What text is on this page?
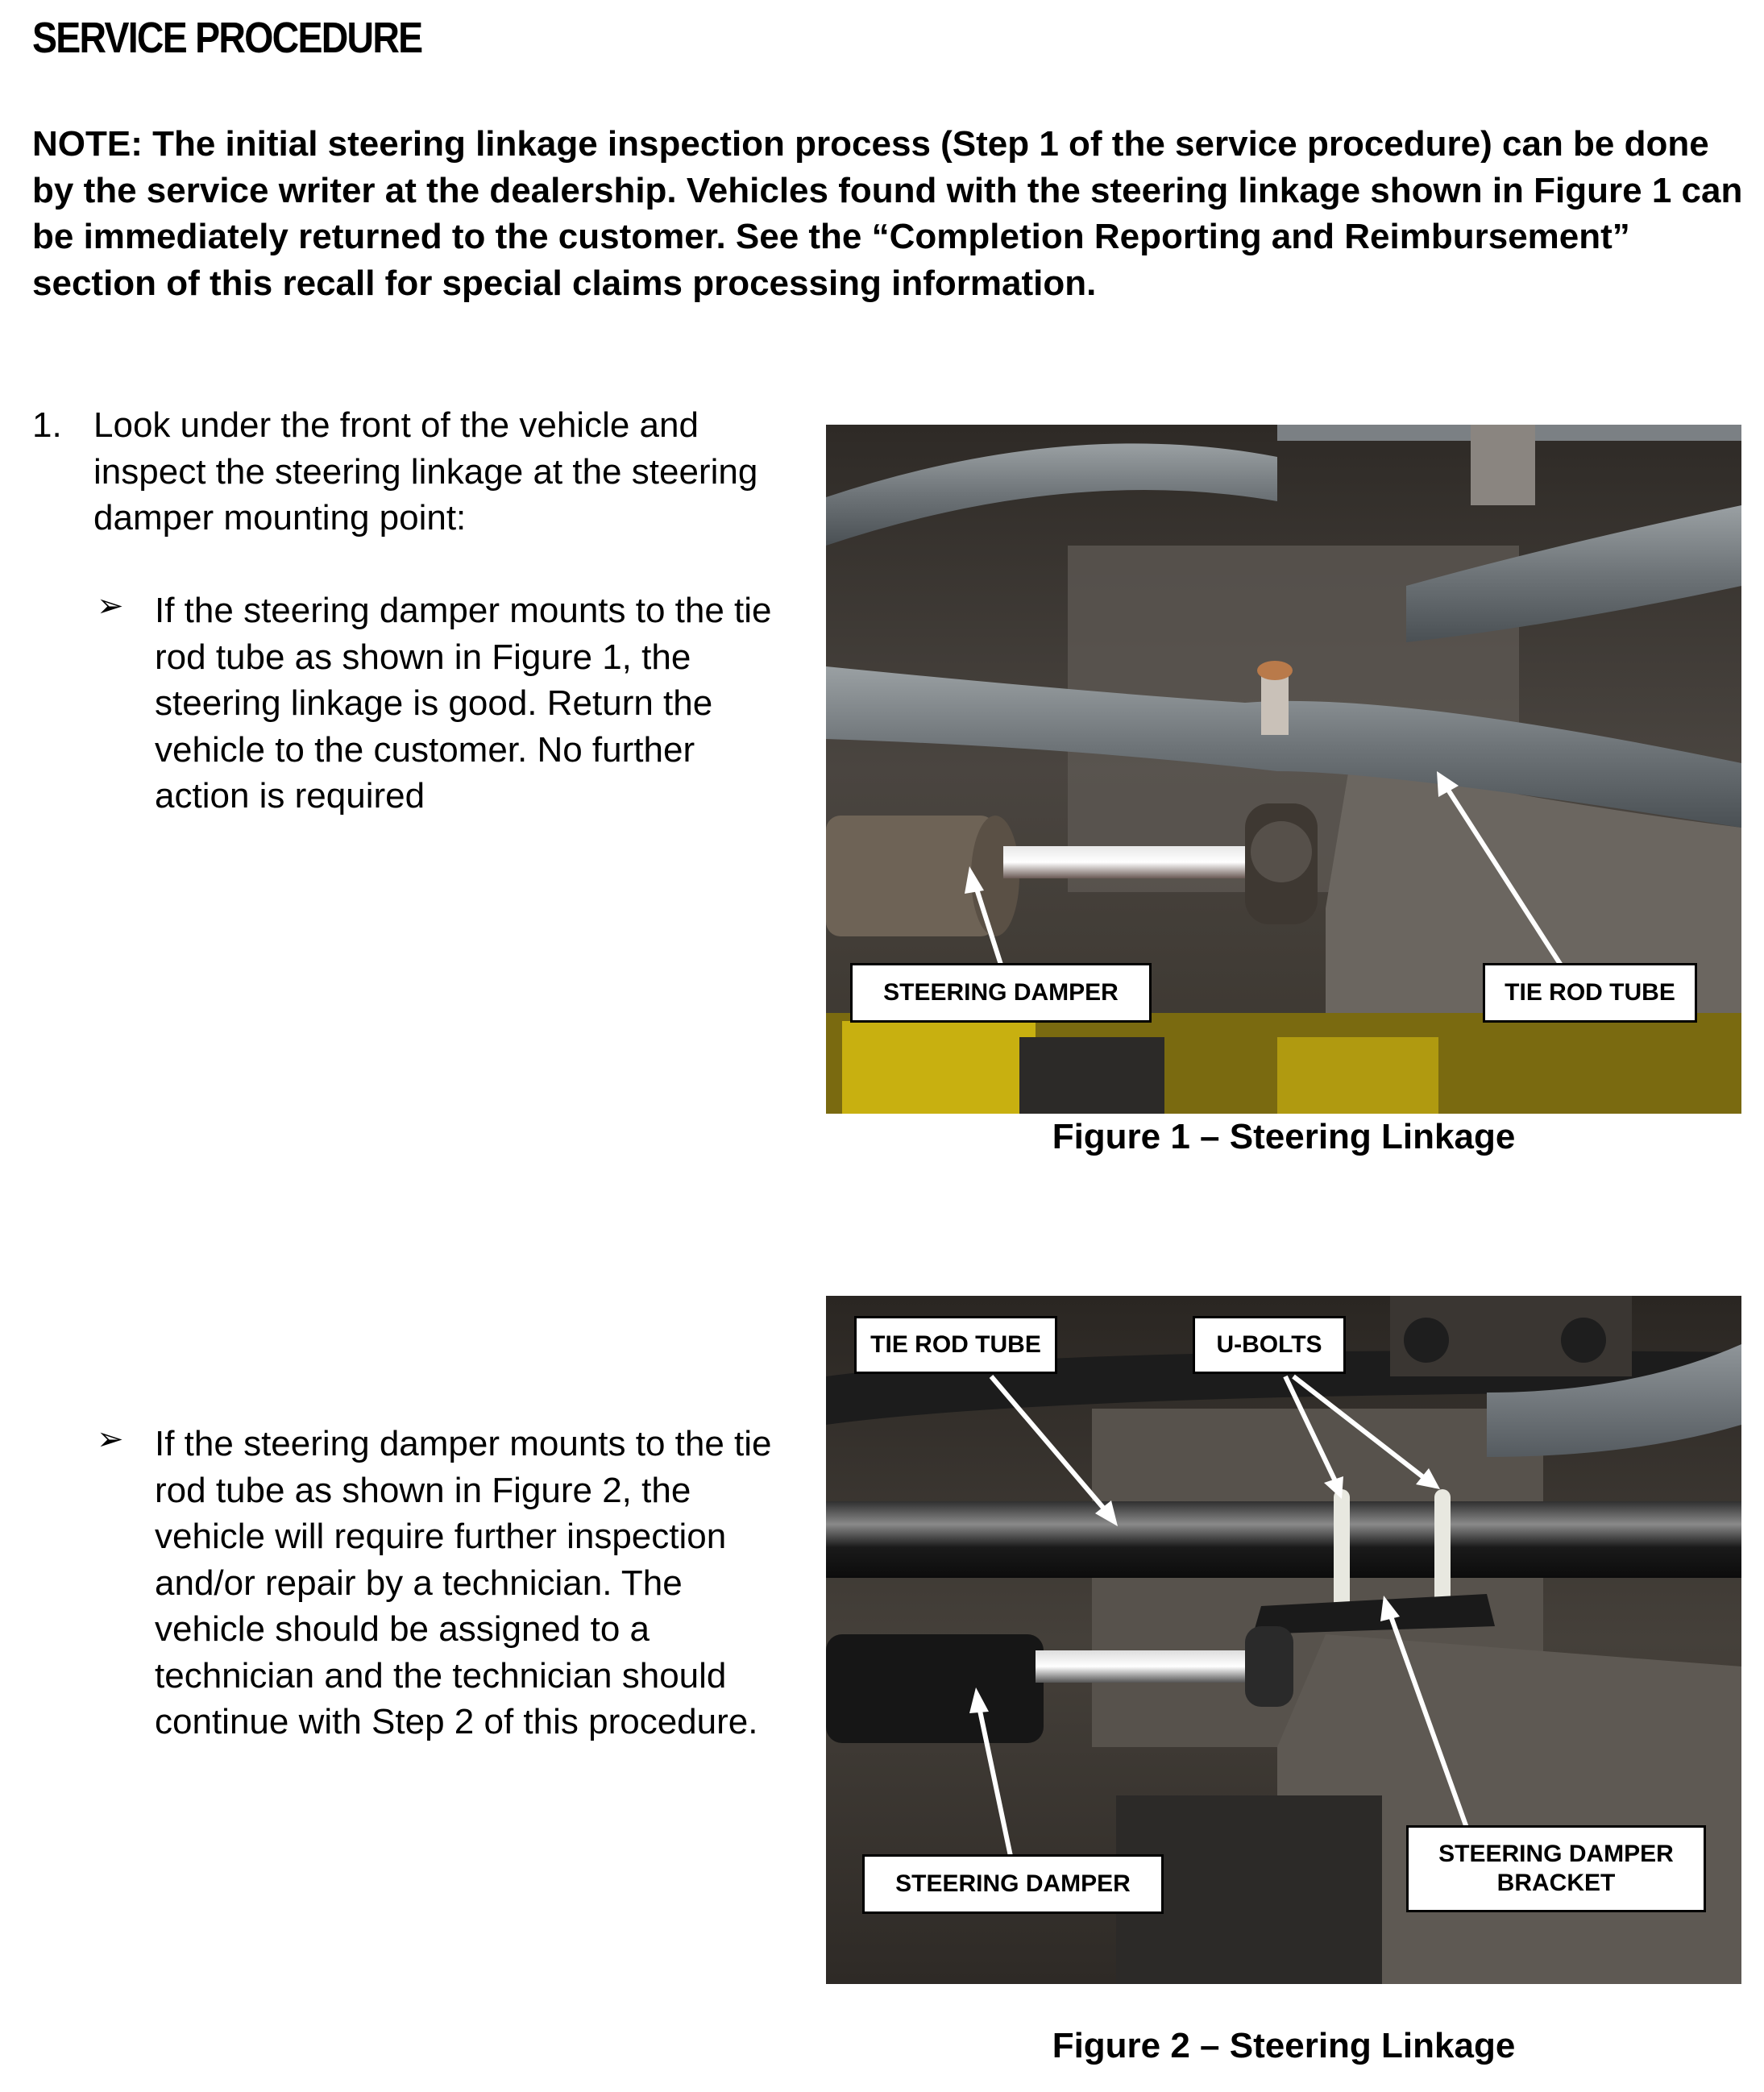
SERVICE PROCEDURE

NOTE: The initial steering linkage inspection process (Step 1 of the service procedure) can be done by the service writer at the dealership. Vehicles found with the steering linkage shown in Figure 1 can be immediately returned to the customer. See the “Completion Reporting and Reimbursement” section of this recall for special claims processing information.

1. Look under the front of the vehicle and inspect the steering linkage at the steering damper mounting point:

➢ If the steering damper mounts to the tie rod tube as shown in Figure 1, the steering linkage is good. Return the vehicle to the customer. No further action is required

➢ If the steering damper mounts to the tie rod tube as shown in Figure 2, the vehicle will require further inspection and/or repair by a technician. The vehicle should be assigned to a technician and the technician should continue with Step 2 of this procedure.

STEERING DAMPER	TIE ROD TUBE

Figure 1 – Steering Linkage

TIE ROD TUBE	U-BOLTS
STEERING DAMPER
STEERING DAMPER BRACKET

Figure 2 – Steering Linkage
